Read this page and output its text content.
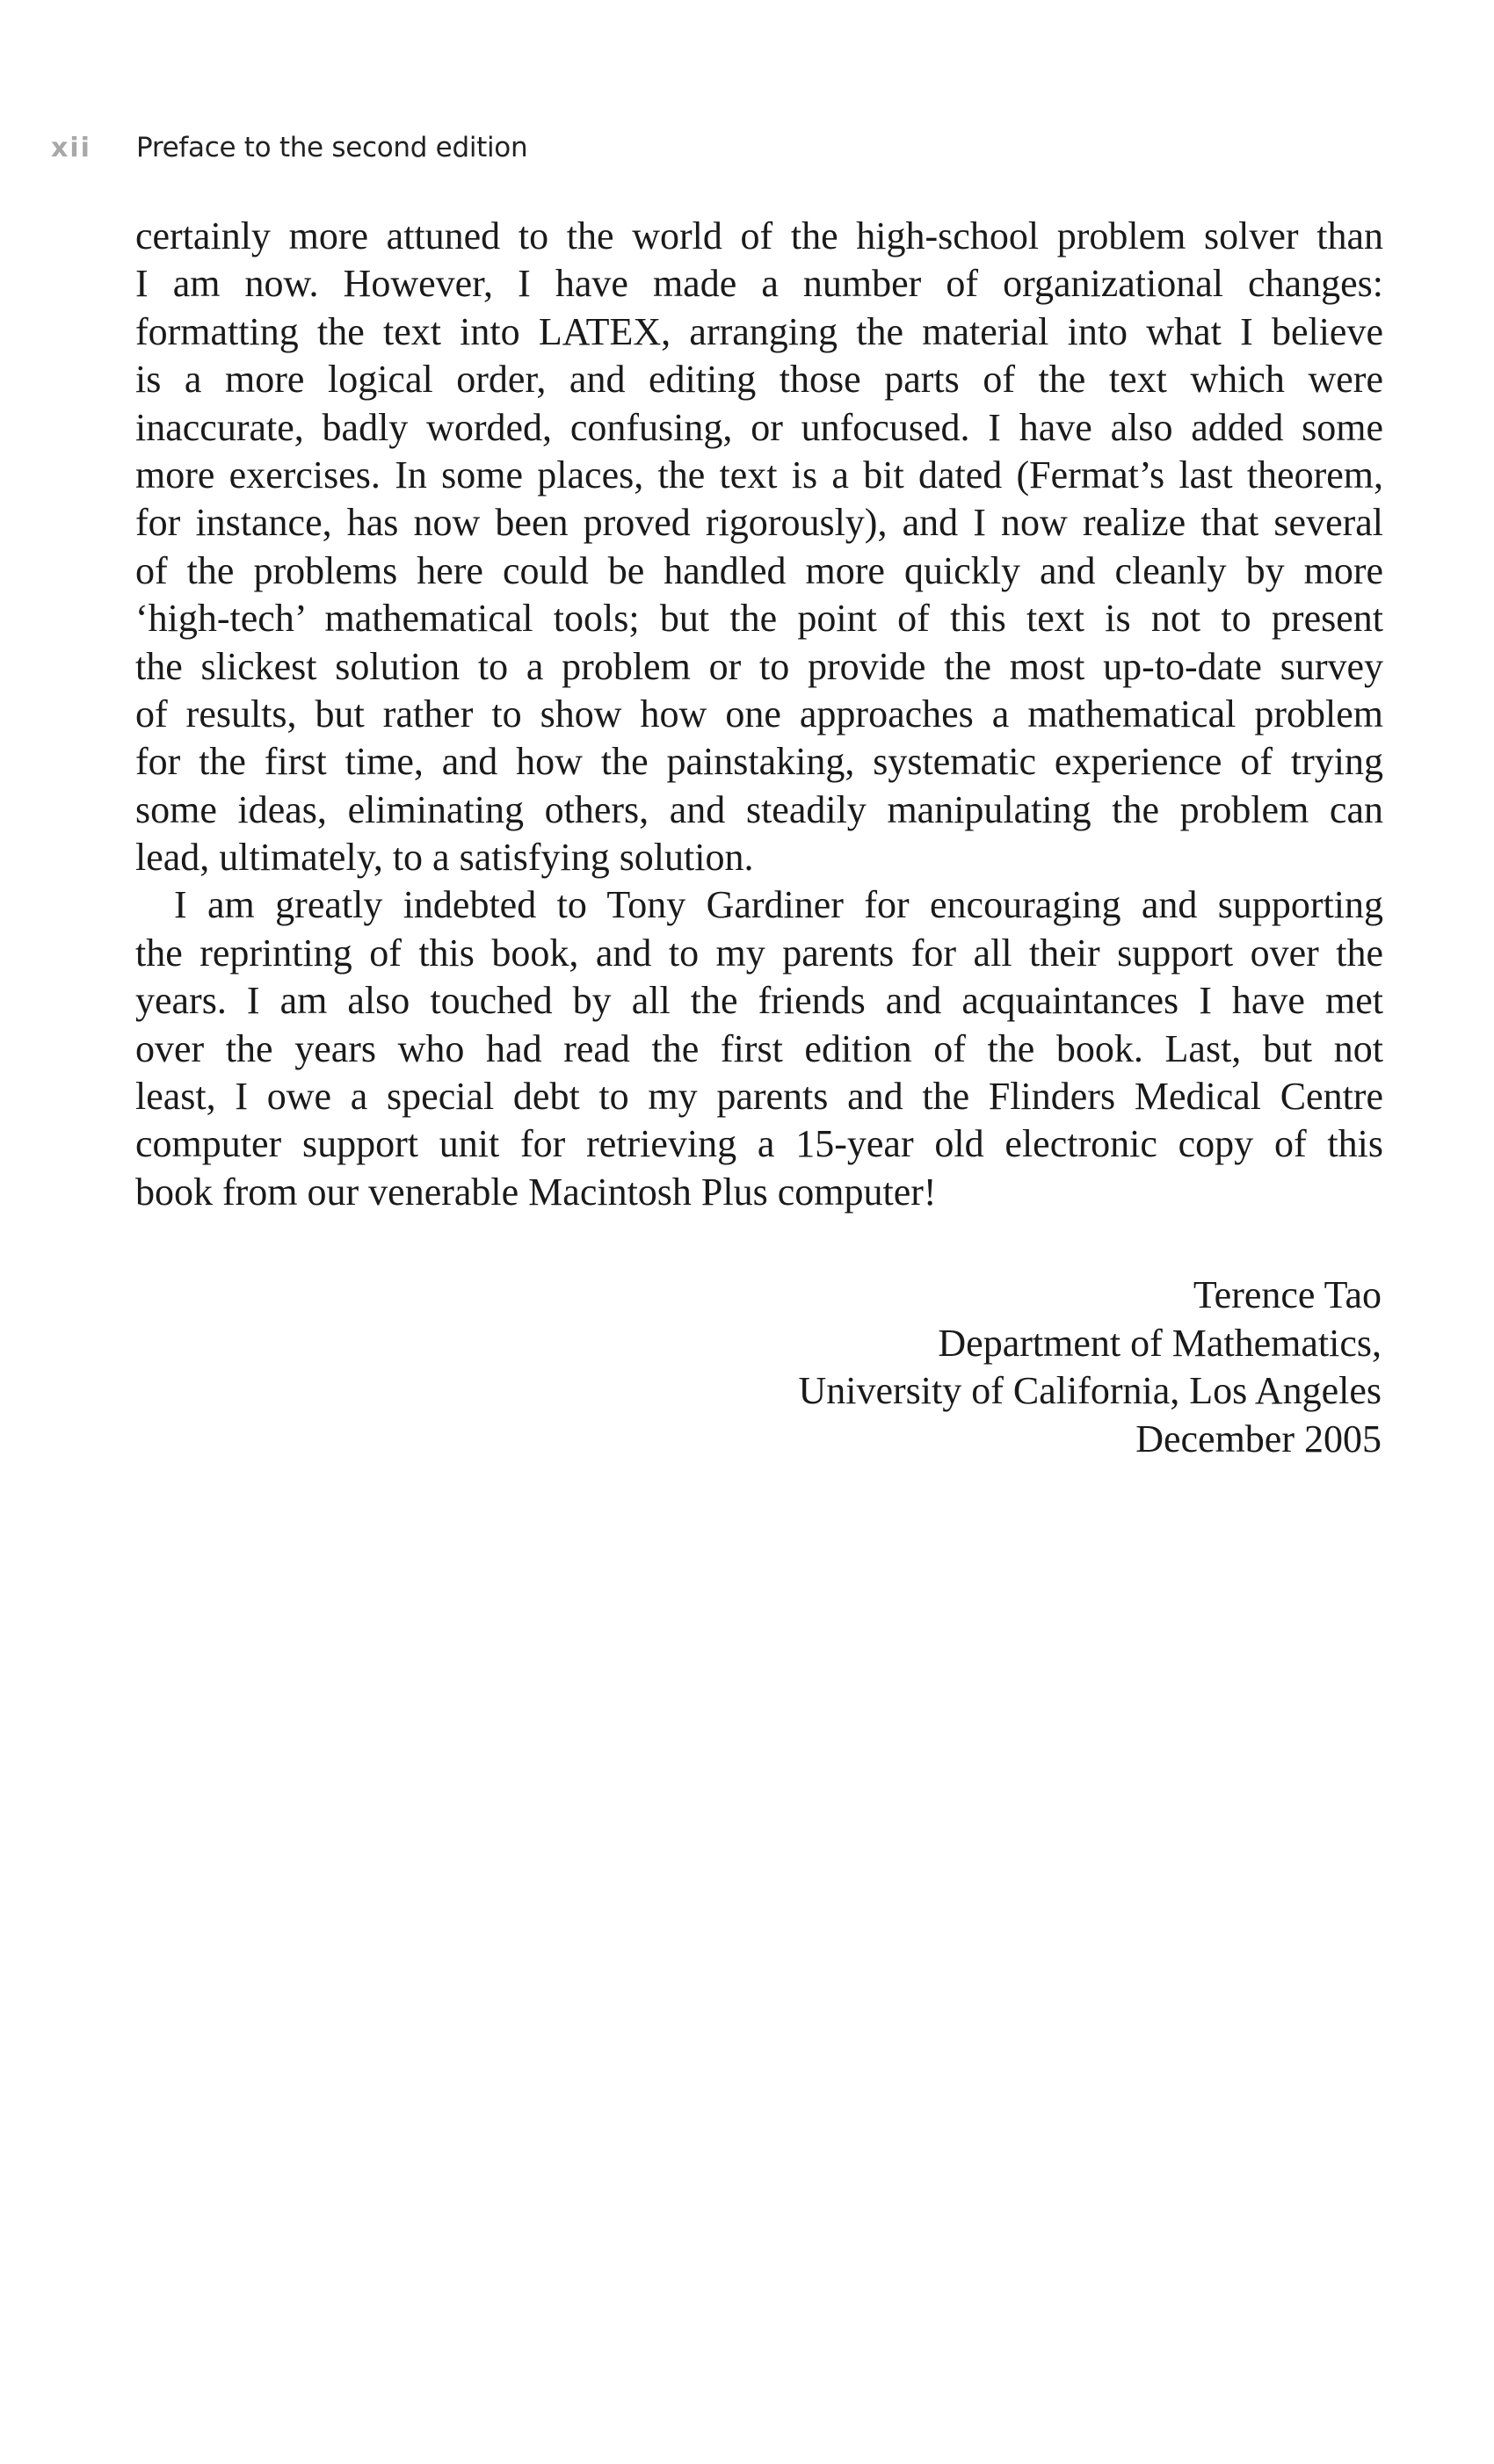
xii	Preface to the second edition
certainly more attuned to the world of the high-school problem solver than
I am now. However, I have made a number of organizational changes:
formatting the text into LATEX, arranging the material into what I believe
is a more logical order, and editing those parts of the text which were
inaccurate, badly worded, confusing, or unfocused. I have also added some
more exercises. In some places, the text is a bit dated (Fermat’s last theorem,
for instance, has now been proved rigorously), and I now realize that several
of the problems here could be handled more quickly and cleanly by more
‘high-tech’ mathematical tools; but the point of this text is not to present
the slickest solution to a problem or to provide the most up-to-date survey
of results, but rather to show how one approaches a mathematical problem
for the first time, and how the painstaking, systematic experience of trying
some ideas, eliminating others, and steadily manipulating the problem can
lead, ultimately, to a satisfying solution.
I am greatly indebted to Tony Gardiner for encouraging and supporting
the reprinting of this book, and to my parents for all their support over the
years. I am also touched by all the friends and acquaintances I have met
over the years who had read the first edition of the book. Last, but not
least, I owe a special debt to my parents and the Flinders Medical Centre
computer support unit for retrieving a 15-year old electronic copy of this
book from our venerable Macintosh Plus computer!
Terence Tao
Department of Mathematics,
University of California, Los Angeles
December 2005
